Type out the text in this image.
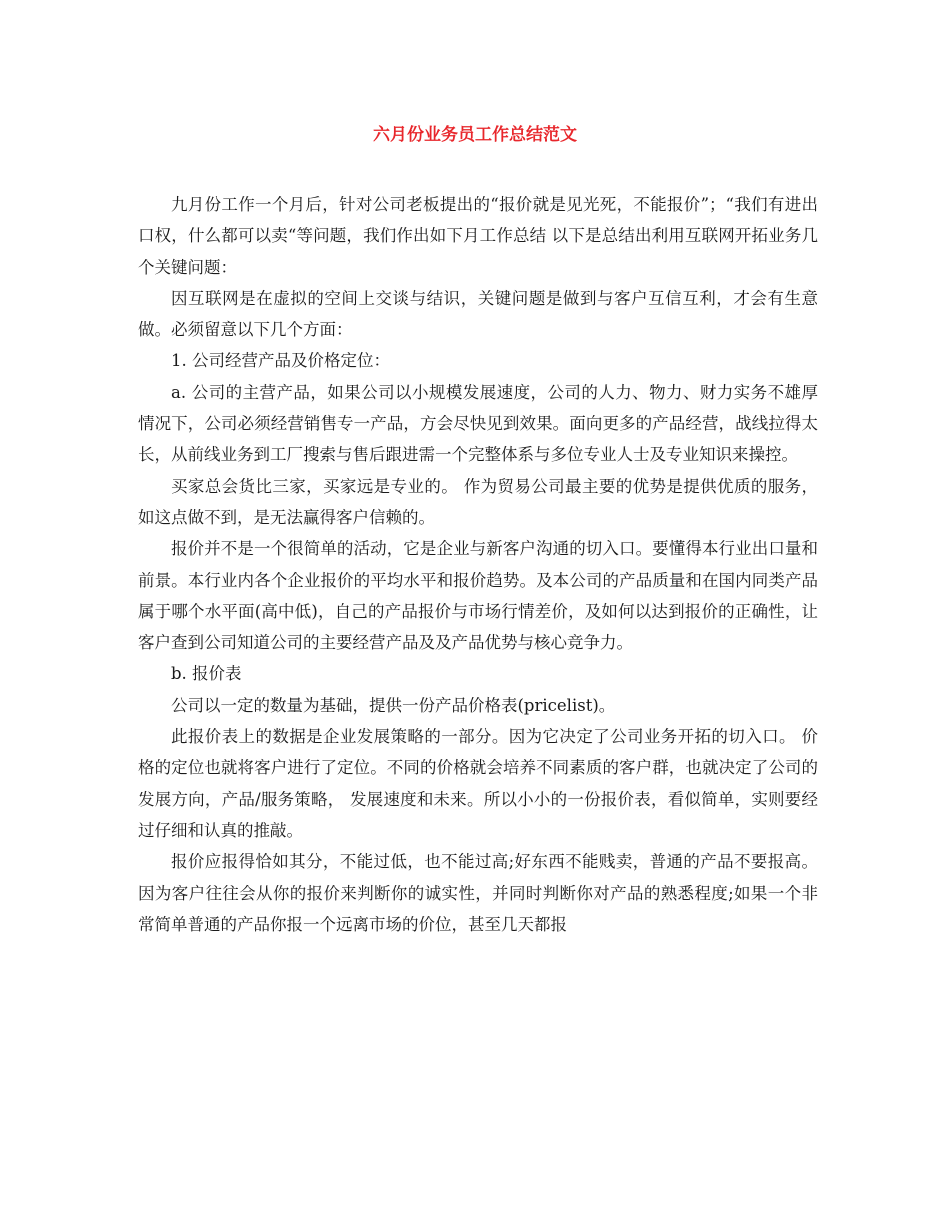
六月份业务员工作总结范文

九月份工作一个月后，针对公司老板提出的“报价就是见光死，不能报价”；“我们有进出口权，什么都可以卖“等问题，我们作出如下月工作总结 以下是总结出利用互联网开拓业务几个关键问题：

因互联网是在虚拟的空间上交谈与结识，关键问题是做到与客户互信互利，才会有生意做。必须留意以下几个方面：

1. 公司经营产品及价格定位：

a. 公司的主营产品，如果公司以小规模发展速度，公司的人力、物力、财力实务不雄厚情况下，公司必须经营销售专一产品，方会尽快见到效果。面向更多的产品经营，战线拉得太长，从前线业务到工厂搜索与售后跟进需一个完整体系与多位专业人士及专业知识来操控。

买家总会货比三家，买家远是专业的。 作为贸易公司最主要的优势是提供优质的服务，如这点做不到，是无法赢得客户信赖的。

报价并不是一个很简单的活动，它是企业与新客户沟通的切入口。要懂得本行业出口量和前景。本行业内各个企业报价的平均水平和报价趋势。及本公司的产品质量和在国内同类产品属于哪个水平面(高中低)，自己的产品报价与市场行情差价，及如何以达到报价的正确性，让客户查到公司知道公司的主要经营产品及及产品优势与核心竞争力。

b. 报价表

公司以一定的数量为基础，提供一份产品价格表(pricelist)。

此报价表上的数据是企业发展策略的一部分。因为它决定了公司业务开拓的切入口。 价格的定位也就将客户进行了定位。不同的价格就会培养不同素质的客户群，也就决定了公司的发展方向，产品/服务策略， 发展速度和未来。所以小小的一份报价表，看似简单，实则要经过仔细和认真的推敲。

报价应报得恰如其分，不能过低，也不能过高;好东西不能贱卖，普通的产品不要报高。因为客户往往会从你的报价来判断你的诚实性，并同时判断你对产品的熟悉程度;如果一个非常简单普通的产品你报一个远离市场的价位，甚至几天都报
